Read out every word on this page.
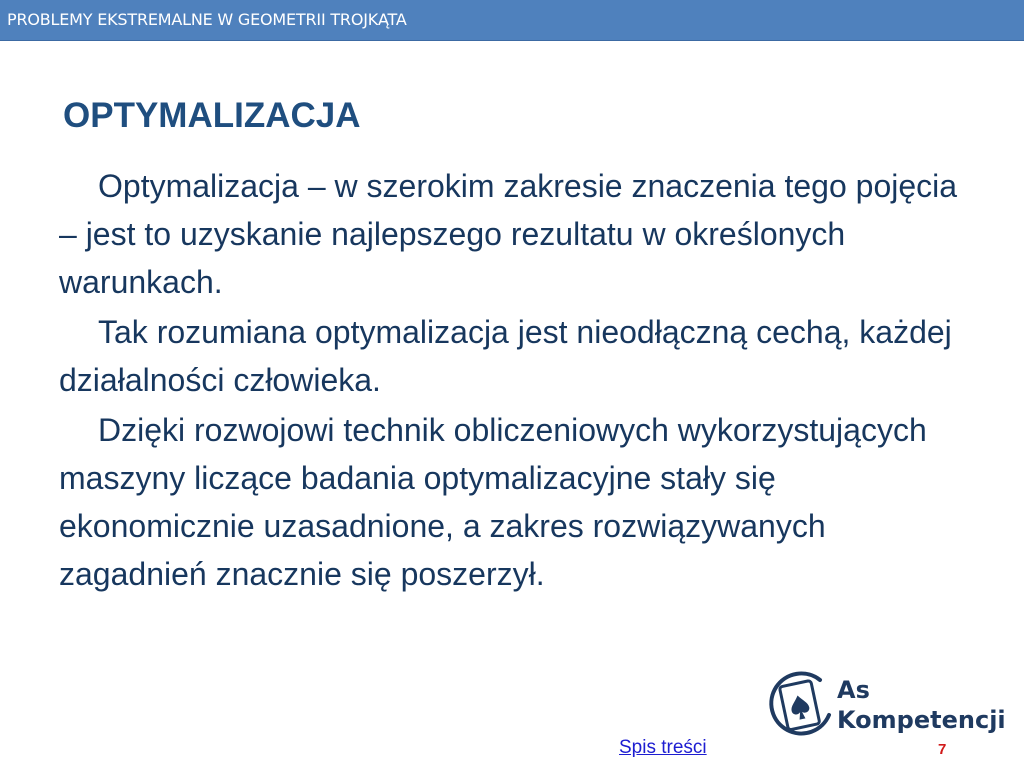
PROBLEMY EKSTREMALNE W GEOMETRII TROJKĄTA
OPTYMALIZACJA

Optymalizacja – w szerokim zakresie znaczenia tego pojęcia – jest to uzyskanie najlepszego rezultatu w określonych warunkach.

Tak rozumiana optymalizacja jest nieodłączną cechą, każdej działalności człowieka.

Dzięki rozwojowi technik obliczeniowych wykorzystujących maszyny liczące badania optymalizacyjne stały się ekonomicznie uzasadnione, a zakres rozwiązywanych zagadnień znacznie się poszerzył.

As
Kompetencji
Spis treści	7
